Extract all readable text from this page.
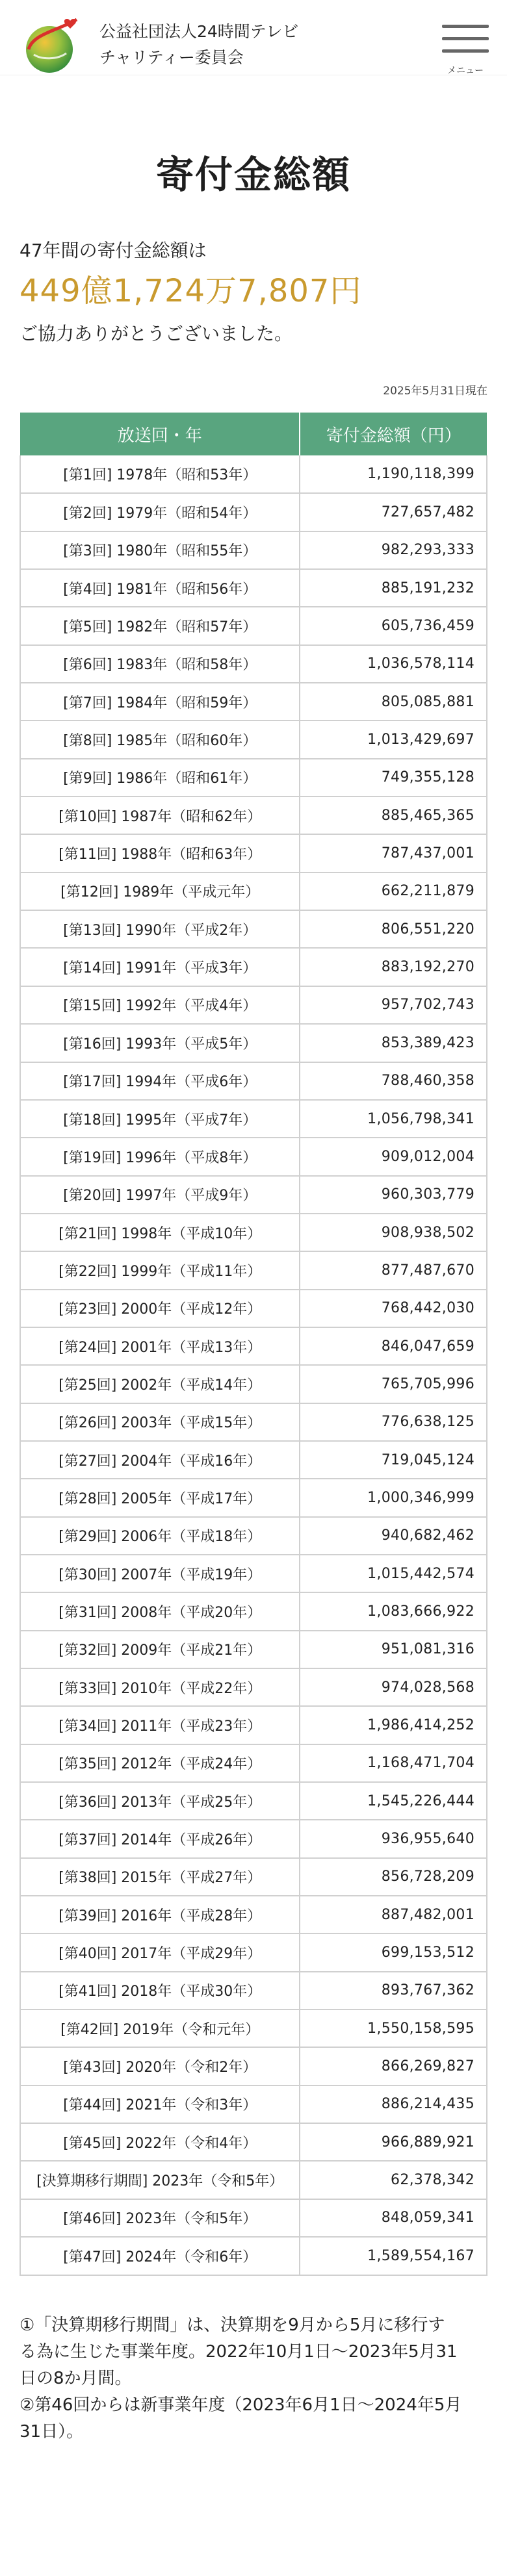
公益社団法人24時間テレビ
チャリティー委員会
メニュー
寄付金総額

47年間の寄付金総額は

449億1,724万7,807円

ご協力ありがとうございました。

2025年5月31日現在
放送回・年	寄付金総額（円）
[第1回] 1978年（昭和53年）	1,190,118,399
[第2回] 1979年（昭和54年）	727,657,482
[第3回] 1980年（昭和55年）	982,293,333
[第4回] 1981年（昭和56年）	885,191,232
[第5回] 1982年（昭和57年）	605,736,459
[第6回] 1983年（昭和58年）	1,036,578,114
[第7回] 1984年（昭和59年）	805,085,881
[第8回] 1985年（昭和60年）	1,013,429,697
[第9回] 1986年（昭和61年）	749,355,128
[第10回] 1987年（昭和62年）	885,465,365
[第11回] 1988年（昭和63年）	787,437,001
[第12回] 1989年（平成元年）	662,211,879
[第13回] 1990年（平成2年）	806,551,220
[第14回] 1991年（平成3年）	883,192,270
[第15回] 1992年（平成4年）	957,702,743
[第16回] 1993年（平成5年）	853,389,423
[第17回] 1994年（平成6年）	788,460,358
[第18回] 1995年（平成7年）	1,056,798,341
[第19回] 1996年（平成8年）	909,012,004
[第20回] 1997年（平成9年）	960,303,779
[第21回] 1998年（平成10年）	908,938,502
[第22回] 1999年（平成11年）	877,487,670
[第23回] 2000年（平成12年）	768,442,030
[第24回] 2001年（平成13年）	846,047,659
[第25回] 2002年（平成14年）	765,705,996
[第26回] 2003年（平成15年）	776,638,125
[第27回] 2004年（平成16年）	719,045,124
[第28回] 2005年（平成17年）	1,000,346,999
[第29回] 2006年（平成18年）	940,682,462
[第30回] 2007年（平成19年）	1,015,442,574
[第31回] 2008年（平成20年）	1,083,666,922
[第32回] 2009年（平成21年）	951,081,316
[第33回] 2010年（平成22年）	974,028,568
[第34回] 2011年（平成23年）	1,986,414,252
[第35回] 2012年（平成24年）	1,168,471,704
[第36回] 2013年（平成25年）	1,545,226,444
[第37回] 2014年（平成26年）	936,955,640
[第38回] 2015年（平成27年）	856,728,209
[第39回] 2016年（平成28年）	887,482,001
[第40回] 2017年（平成29年）	699,153,512
[第41回] 2018年（平成30年）	893,767,362
[第42回] 2019年（令和元年）	1,550,158,595
[第43回] 2020年（令和2年）	866,269,827
[第44回] 2021年（令和3年）	886,214,435
[第45回] 2022年（令和4年）	966,889,921
[決算期移行期間] 2023年（令和5年）	62,378,342
[第46回] 2023年（令和5年）	848,059,341
[第47回] 2024年（令和6年）	1,589,554,167

①「決算期移行期間」は、決算期を9月から5月に移行す

る為に生じた事業年度。2022年10月1日～2023年5月31

日の8か月間。

②第46回からは新事業年度（2023年6月1日～2024年5月

31日）。
